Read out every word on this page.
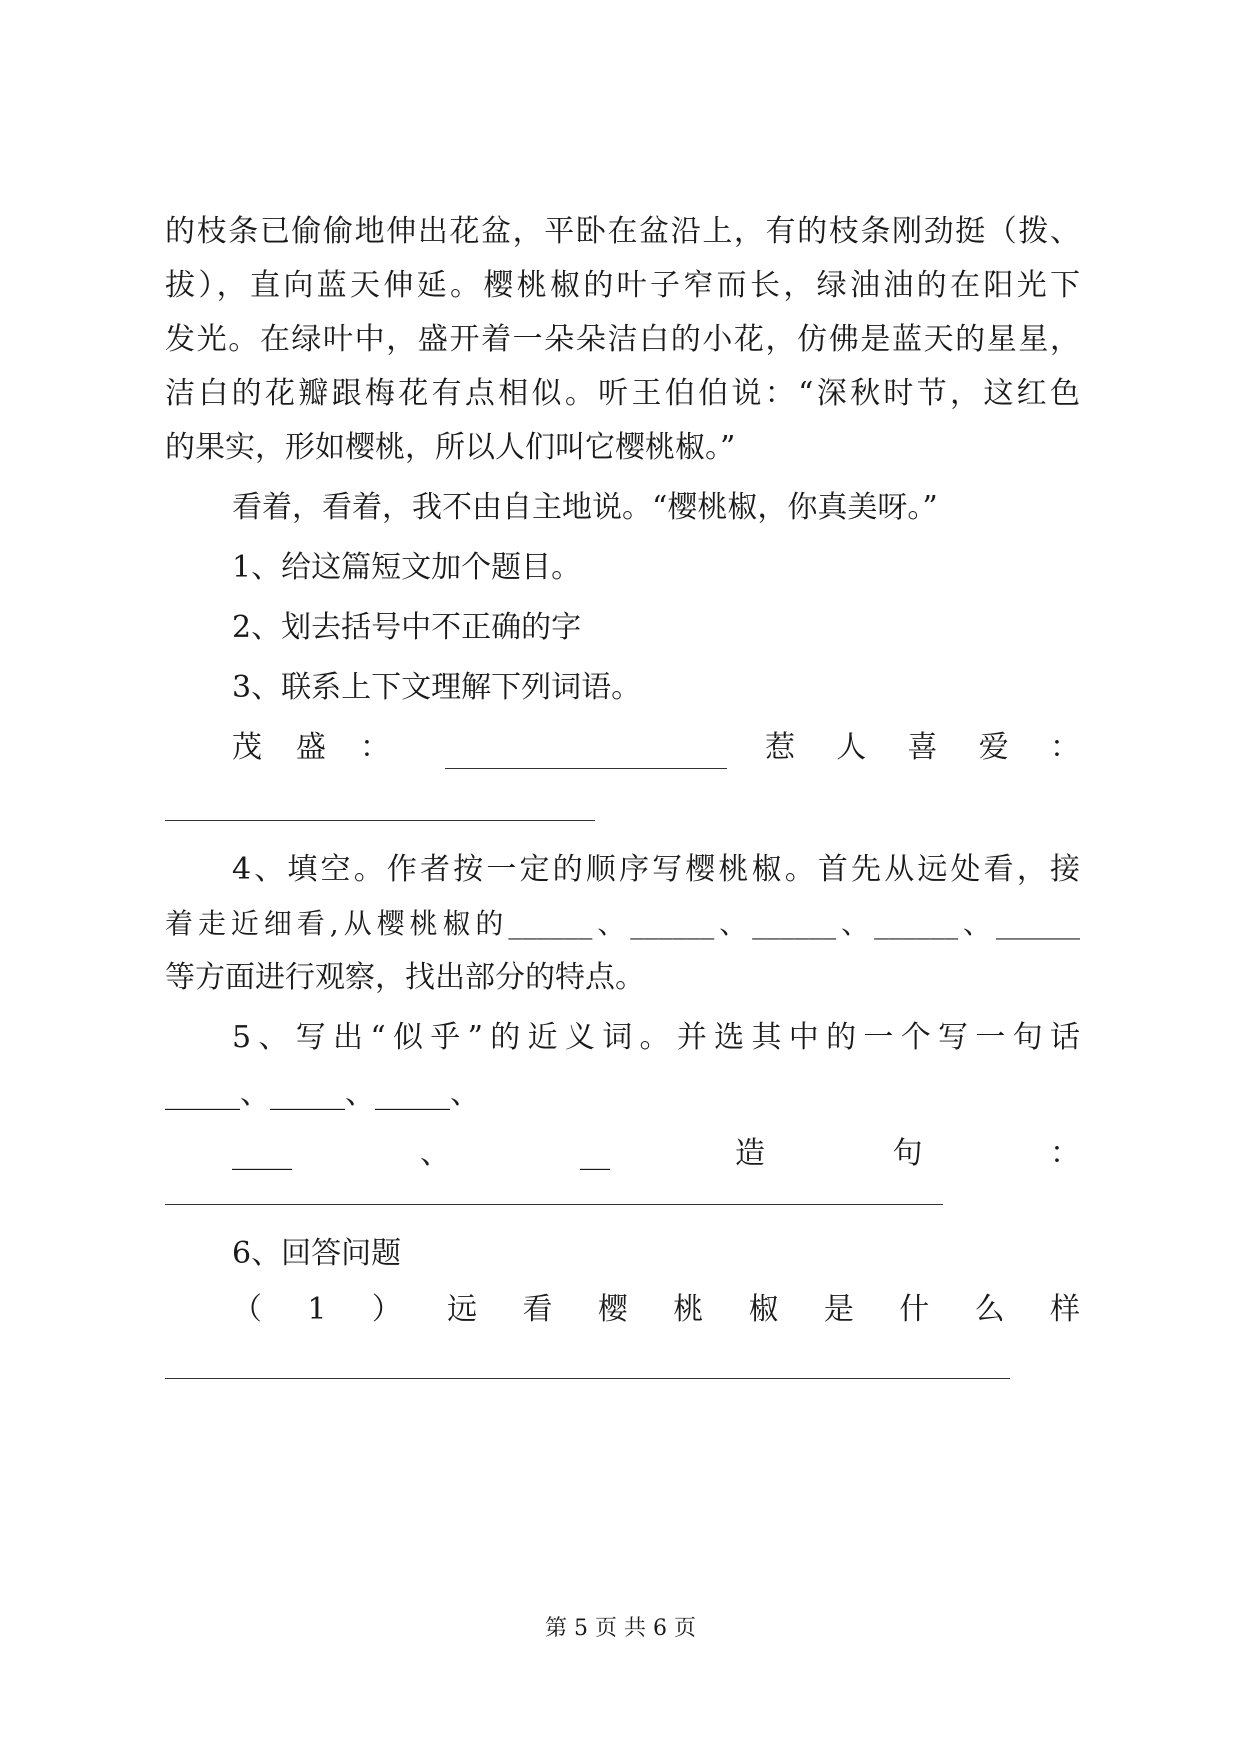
的枝条已偷偷地伸出花盆，平卧在盆沿上，有的枝条刚劲挺（拨、
拔），直向蓝天伸延。樱桃椒的叶子窄而长，绿油油的在阳光下
发光。在绿叶中，盛开着一朵朵洁白的小花，仿佛是蓝天的星星，
洁白的花瓣跟梅花有点相似。听王伯伯说：“深秋时节，这红色
的果实，形如樱桃，所以人们叫它樱桃椒。”
看着，看着，我不由自主地说。“樱桃椒，你真美呀。”
1、给这篇短文加个题目。
2、划去括号中不正确的字
3、联系上下文理解下列词语。
茂盛：	惹人喜爱：
4、填空。作者按一定的顺序写樱桃椒。首先从远处看，接
着走近细看,从樱桃椒的______、______、______、______、______
等方面进行观察，找出部分的特点。
5、写出“似乎”的近义词。并选其中的一个写一句话
_____、_____、_____、
____	、	__	造句：
6、回答问题
（1）远看樱桃椒是什么样
第 5 页 共 6 页
